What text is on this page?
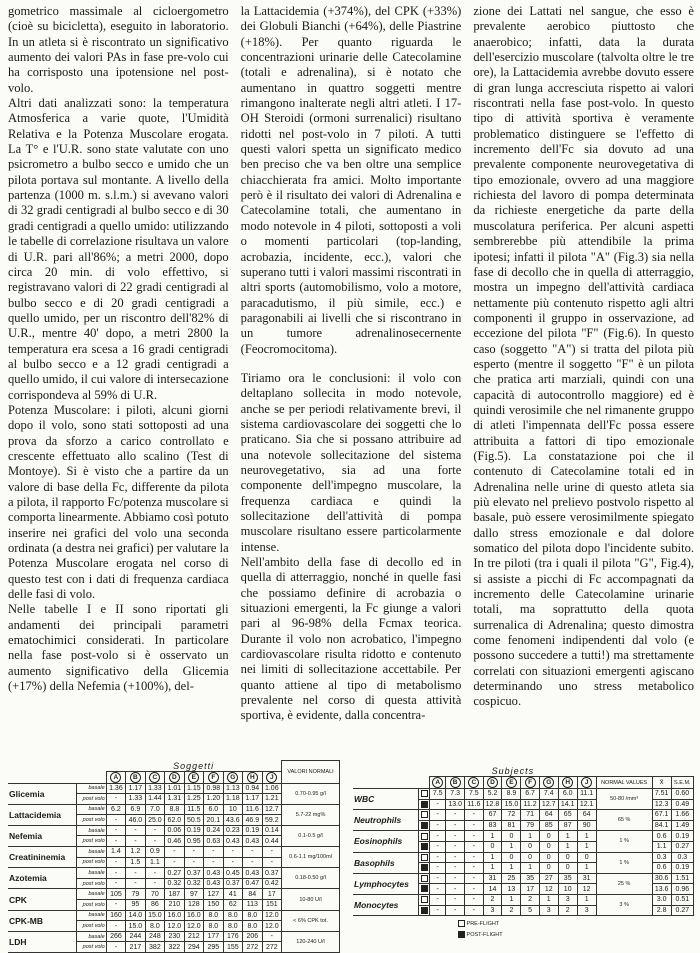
gometrico massimale al cicloergometro (cioè su bicicletta), eseguito in laboratorio. In un atleta si è riscontrato un significativo aumento dei valori PAs in fase pre-volo cui ha corrisposto una ipotensione nel post-volo.

Altri dati analizzati sono: la temperatura Atmosferica a varie quote, l'Umidità Relativa e la Potenza Muscolare erogata. La T° e l'U.R. sono state valutate con uno psicrometro a bulbo secco e umido che un pilota portava sul montante. A livello della partenza (1000 m. s.l.m.) si avevano valori di 32 gradi centigradi al bulbo secco e di 30 gradi centigradi a quello umido: utilizzando le tabelle di correlazione risultava un valore di U.R. pari all'86%; a metri 2000, dopo circa 20 min. di volo effettivo, si registravano valori di 22 gradi centigradi al bulbo secco e di 20 gradi centigradi a quello umido, per un riscontro dell'82% di U.R., mentre 40' dopo, a metri 2800 la temperatura era scesa a 16 gradi centigradi al bulbo secco e a 12 gradi centigradi a quello umido, il cui valore di intersecazione corrispondeva al 59% di U.R.

Potenza Muscolare: i piloti, alcuni giorni dopo il volo, sono stati sottoposti ad una prova da sforzo a carico controllato e crescente effettuato allo scalino (Test di Montoye). Si è visto che a partire da un valore di base della Fc, differente da pilota a pilota, il rapporto Fc/potenza muscolare si comporta linearmente. Abbiamo così potuto inserire nei grafici del volo una seconda ordinata (a destra nei grafici) per valutare la Potenza Muscolare erogata nel corso di questo test con i dati di frequenza cardiaca delle fasi di volo.

Nelle tabelle I e II sono riportati gli andamenti dei principali parametri ematochimici considerati. In particolare nella fase post-volo si è osservato un aumento significativo della Glicemia (+17%) della Nefemia (+100%), del-

la Lattacidemia (+374%), del CPK (+33%) dei Globuli Bianchi (+64%), delle Piastrine (+18%). Per quanto riguarda le concentrazioni urinarie delle Catecolamine (totali e adrenalina), si è notato che aumentano in quattro soggetti mentre rimangono inalterate negli altri atleti. I 17-OH Steroidi (ormoni surrenalici) risultano ridotti nel post-volo in 7 piloti. A tutti questi valori spetta un significato medico ben preciso che va ben oltre una semplice chiacchierata fra amici. Molto importante però è il risultato dei valori di Adrenalina e Catecolamine totali, che aumentano in modo notevole in 4 piloti, sottoposti a voli o momenti particolari (top-landing, acrobazia, incidente, ecc.), valori che superano tutti i valori massimi riscontrati in altri sports (automobilismo, volo a motore, paracadutismo, il più simile, ecc.) e paragonabili ai livelli che si riscontrano in un tumore adrenalinosecernente (Feocromocitoma).

Tiriamo ora le conclusioni: il volo con deltaplano sollecita in modo notevole, anche se per periodi relativamente brevi, il sistema cardiovascolare dei soggetti che lo praticano. Sia che si possano attribuire ad una notevole sollecitazione del sistema neurovegetativo, sia ad una forte componente dell'impegno muscolare, la frequenza cardiaca e quindi la sollecitazione dell'attività di pompa muscolare risultano essere particolarmente intense.

Nell'ambito della fase di decollo ed in quella di atterraggio, nonché in quelle fasi che possiamo definire di acrobazia o situazioni emergenti, la Fc giunge a valori pari al 96-98% della Fcmax teorica. Durante il volo non acrobatico, l'impegno cardiovascolare risulta ridotto e contenuto nei limiti di sollecitazione accettabile. Per quanto attiene al tipo di metabolismo prevalente nel corso di questa attività sportiva, è evidente, dalla concentra-

zione dei Lattati nel sangue, che esso è prevalente aerobico piuttosto che anaerobico; infatti, data la durata dell'esercizio muscolare (talvolta oltre le tre ore), la Lattacidemia avrebbe dovuto essere di gran lunga accresciuta rispetto ai valori riscontrati nella fase post-volo. In questo tipo di attività sportiva è veramente problematico distinguere se l'effetto di incremento dell'Fc sia dovuto ad una prevalente componente neurovegetativa di tipo emozionale, ovvero ad una maggiore richiesta del lavoro di pompa determinata da richieste energetiche da parte della muscolatura periferica. Per alcuni aspetti sembrerebbe più attendibile la prima ipotesi; infatti il pilota "A" (Fig.3) sia nella fase di decollo che in quella di atterraggio, mostra un impegno dell'attività cardiaca nettamente più contenuto rispetto agli altri componenti il gruppo in osservazione, ad eccezione del pilota "F" (Fig.6). In questo caso (soggetto "A") si tratta del pilota più esperto (mentre il soggetto "F" è un pilota che pratica arti marziali, quindi con una capacità di autocontrollo maggiore) ed è quindi verosimile che nel rimanente gruppo di atleti l'impennata dell'Fc possa essere attribuita a fattori di tipo emozionale (Fig.5). La constatazione poi che il contenuto di Catecolamine totali ed in Adrenalina nelle urine di questo atleta sia più elevato nel prelievo postvolo rispetto al basale, può essere verosimilmente spiegato dallo stress emozionale e dal dolore somatico del pilota dopo l'incidente subito. In tre piloti (tra i quali il pilota "G", Fig.4), si assiste a picchi di Fc accompagnati da incremento delle Catecolamine urinarie totali, ma soprattutto della quota surrenalica di Adrenalina; questo dimostra come fenomeni indipendenti dal volo (e possono succedere a tutti!) ma strettamente correlati con situazioni emergenti agiscano determinando uno stress metabolico cospicuo.

		Soggetti									VALORI NORMALI
		A	B	C	D	E	F	G	H	J	
Glicemia	basale	1.36	1.17	1.33	1.01	1.15	0.98	1.13	0.94	1.06	0.70-0.95 g/l
	post volo	-	1.33	1.44	1.31	1.25	1.20	1.18	1.17	1.21	
Lattacidemia	basale	6.2	6.9	7.0	8.8	11.5	6.0	10	11.6	12.7	5.7-22 mg%
	post volo	-	46.0	25.0	62.0	50.5	20.1	43.6	46.9	59.2	
Nefemia	basale	-	-	-	0.06	0.19	0.24	0.23	0.19	0.14	0.1-0.5 g/l
	post volo	-	-	-	0.46	0.95	0.63	0.43	0.43	0.44	
Creatininemia	basale	1.4	1.2	0.9	-	-	-	-	-	-	0.6-1.1 mg/100ml
	post volo	-	1.5	1.1	-	-	-	-	-	-	
Azotemia	basale	-	-	-	0.27	0.37	0.43	0.45	0.43	0.37	0.18-0.50 g/l
	post volo	-	-	-	0.32	0.32	0.43	0.37	0.47	0.42	
CPK	basale	105	79	70	187	97	127	41	84	17	10-80 U/l
	post volo	-	95	86	210	128	150	62	113	151	
CPK-MB	basale	160	14.0	15.0	16.0	16.0	8.0	8.0	8.0	12.0	< 6% CPK tot.
	post volo	-	15.0	8.0	12.0	12.0	8.0	8.0	8.0	12.0	
LDH	basale	266	244	248	230	212	177	176	206	-	120-240 U/l
	post volo	-	217	382	322	294	295	155	272	272	
		Subjects											
		A	B	C	D	E	F	G	H	J	NORMAL VALUES	x̄	S.E.M.
WBC		7.5	7.3	7.5	5.2	8.9	6.7	7.4	6.0	11.1	50-80 /mm³	7.51	0.60
		-	13.0	11.6	12.8	15.0	11.2	12.7	14.1	12.1		12.3	0.49
Neutrophils		-	-	-	67	72	71	64	65	64	65 %	67.1	1.66
		-	-	-	83	81	79	85	87	90		84.1	1.49
Eosinophils		-	-	-	1	0	1	0	1	1	1 %	0.6	0.19
		-	-	-	0	1	0	0	1	1		1.1	0.27
Basophils		-	-	-	1	0	0	0	0	0	1 %	0.3	0.3
		-	-	-	1	1	1	0	0	1		0.6	0.19
Lymphocytes		-	-	-	31	25	35	27	35	31	25 %	30.6	1.51
		-	-	-	14	13	17	12	10	12		13.6	0.96
Monocytes		-	-	-	2	1	2	1	3	1	3 %	3.0	0.51
		-	-	-	3	2	5	3	2	3		2.8	0.27
PRE-FLIGHT
POST-FLIGHT
